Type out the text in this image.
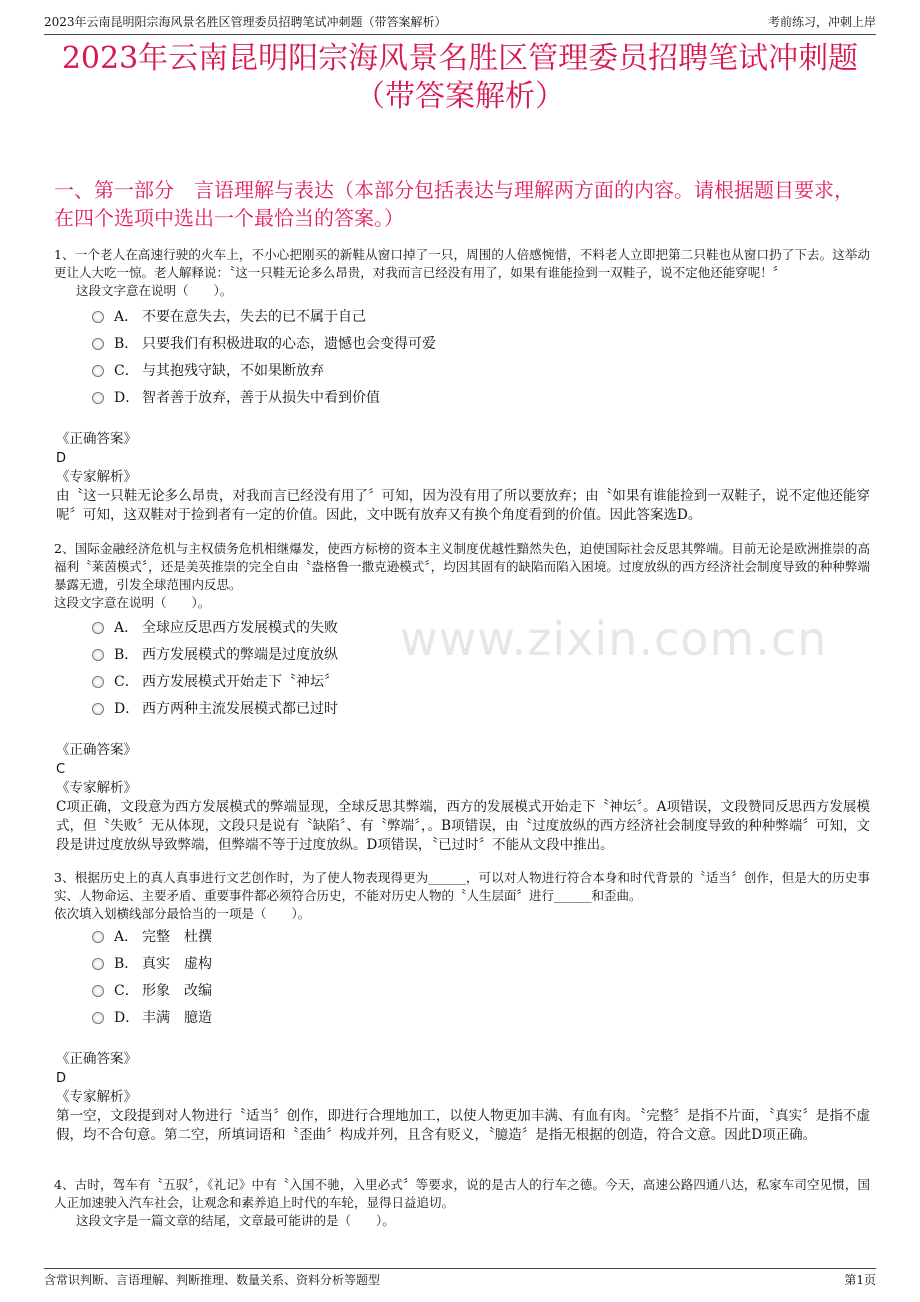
2023年云南昆明阳宗海风景名胜区管理委员招聘笔试冲刺题（带答案解析）	考前练习，冲刺上岸
2023年云南昆明阳宗海风景名胜区管理委员招聘笔试冲刺题
（带答案解析）
一、第一部分　言语理解与表达（本部分包括表达与理解两方面的内容。请根据题目要求，在四个选项中选出一个最恰当的答案。）
1、一个老人在高速行驶的火车上，不小心把刚买的新鞋从窗口掉了一只，周围的人倍感惋惜，不料老人立即把第二只鞋也从窗口扔了下去。这举动更让人大吃一惊。老人解释说：〝这一只鞋无论多么昂贵，对我而言已经没有用了，如果有谁能捡到一双鞋子，说不定他还能穿呢！〞
这段文字意在说明（　　）。
A． 不要在意失去，失去的已不属于自己
B． 只要我们有积极进取的心态，遗憾也会变得可爱
C． 与其抱残守缺，不如果断放弃
D． 智者善于放弃，善于从损失中看到价值
《正确答案》
D
《专家解析》
由〝这一只鞋无论多么昂贵，对我而言已经没有用了〞可知，因为没有用了所以要放弃；由〝如果有谁能捡到一双鞋子，说不定他还能穿呢〞可知，这双鞋对于捡到者有一定的价值。因此，文中既有放弃又有换个角度看到的价值。因此答案选D。
www.zixin.com.cn
2、国际金融经济危机与主权债务危机相继爆发，使西方标榜的资本主义制度优越性黯然失色，迫使国际社会反思其弊端。目前无论是欧洲推崇的高福利〝莱茵模式〞，还是美英推崇的完全自由〝盎格鲁一撒克逊模式〞，均因其固有的缺陷而陷入困境。过度放纵的西方经济社会制度导致的种种弊端暴露无遗，引发全球范围内反思。
这段文字意在说明（　　）。
A． 全球应反思西方发展模式的失败
B． 西方发展模式的弊端是过度放纵
C． 西方发展模式开始走下〝神坛〞
D． 西方两种主流发展模式都已过时
《正确答案》
C
《专家解析》
C项正确，文段意为西方发展模式的弊端显现，全球反思其弊端，西方的发展模式开始走下〝神坛〞。A项错误，文段赞同反思西方发展模式，但〝失败〞无从体现，文段只是说有〝缺陷〞、有〝弊端〞，。B项错误，由〝过度放纵的西方经济社会制度导致的种种弊端〞可知，文段是讲过度放纵导致弊端，但弊端不等于过度放纵。D项错误，〝已过时〞不能从文段中推出。
3、根据历史上的真人真事进行文艺创作时，为了使人物表现得更为______，可以对人物进行符合本身和时代背景的〝适当〞创作，但是大的历史事实、人物命运、主要矛盾、重要事件都必须符合历史，不能对历史人物的〝人生层面〞进行______和歪曲。
依次填入划横线部分最恰当的一项是（　　）。
A． 完整　杜撰
B． 真实　虚构
C． 形象　改编
D． 丰满　臆造
《正确答案》
D
《专家解析》
第一空，文段提到对人物进行〝适当〞创作，即进行合理地加工，以使人物更加丰满、有血有肉。〝完整〞是指不片面，〝真实〞是指不虚假，均不合句意。第二空，所填词语和〝歪曲〞构成并列，且含有贬义，〝臆造〞是指无根据的创造，符合文意。因此D项正确。
4、古时，驾车有〝五驭〞，《礼记》中有〝入国不驰，入里必式〞等要求，说的是古人的行车之德。今天，高速公路四通八达，私家车司空见惯，国人正加速驶入汽车社会，让观念和素养追上时代的车轮，显得日益追切。
这段文字是一篇文章的结尾，文章最可能讲的是（　　）。
含常识判断、言语理解、判断推理、数量关系、资料分析等题型	第1页
